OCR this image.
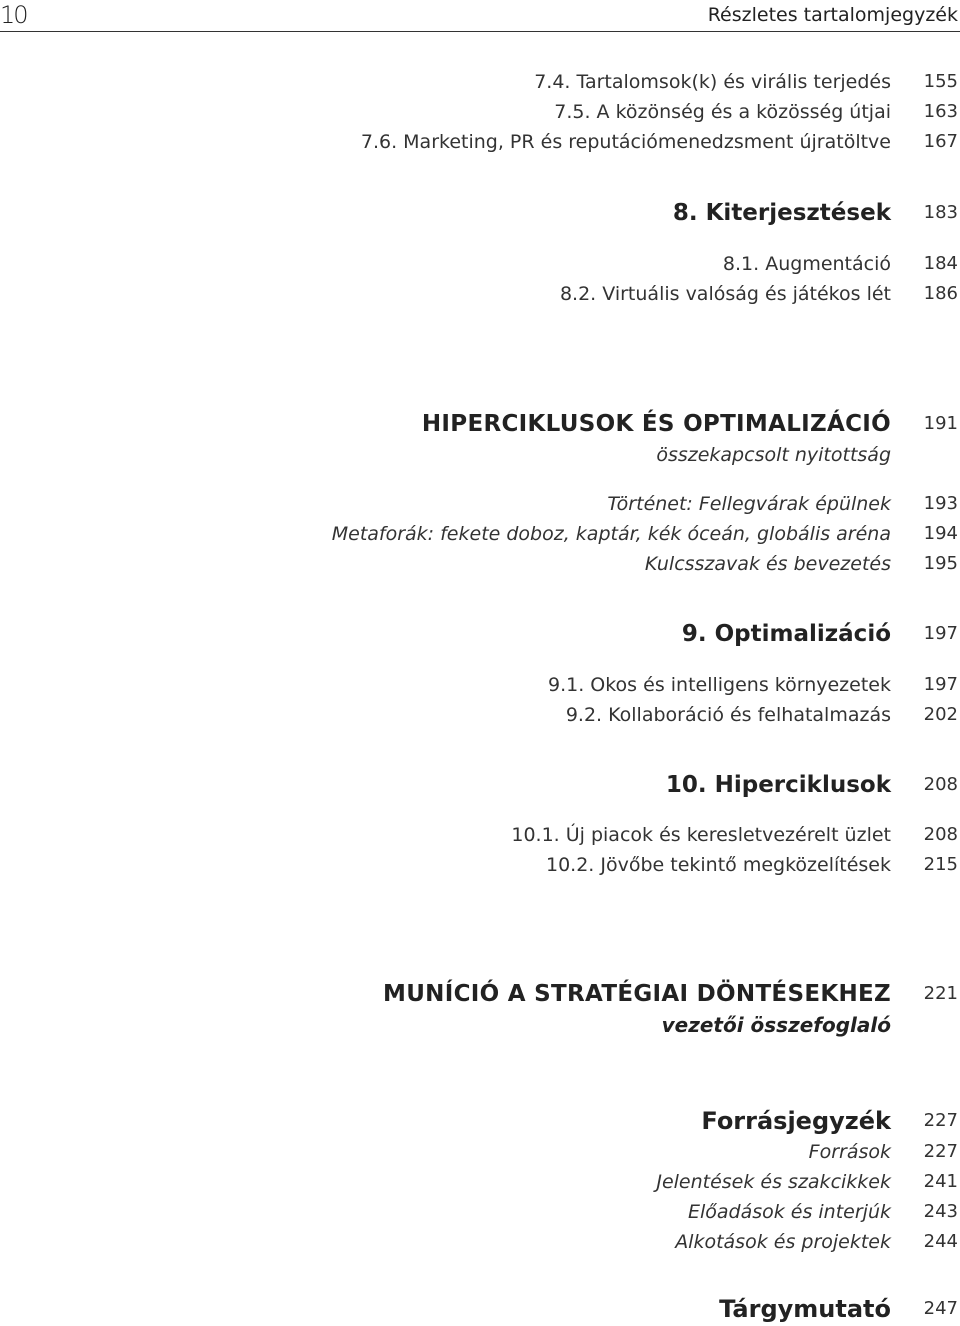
10	Részletes tartalomjegyzék
7.4. Tartalomsok(k) és virális terjedés	155
7.5. A közönség és a közösség útjai	163
7.6. Marketing, PR és reputációmenedzsment újratöltve	167
8. Kiterjesztések	183
8.1. Augmentáció	184
8.2. Virtuális valóság és játékos lét	186
HIPERCIKLUSOK ÉS OPTIMALIZÁCIÓ	191
összekapcsolt nyitottság
Történet: Fellegvárak épülnek	193
Metaforák: fekete doboz, kaptár, kék óceán, globális aréna	194
Kulcsszavak és bevezetés	195
9. Optimalizáció	197
9.1. Okos és intelligens környezetek	197
9.2. Kollaboráció és felhatalmazás	202
10. Hiperciklusok	208
10.1. Új piacok és keresletvezérelt üzlet	208
10.2. Jövőbe tekintő megközelítések	215
MUNÍCIÓ A STRATÉGIAI DÖNTÉSEKHEZ	221
vezetői összefoglaló
Forrásjegyzék	227
Források	227
Jelentések és szakcikkek	241
Előadások és interjúk	243
Alkotások és projektek	244
Tárgymutató	247
